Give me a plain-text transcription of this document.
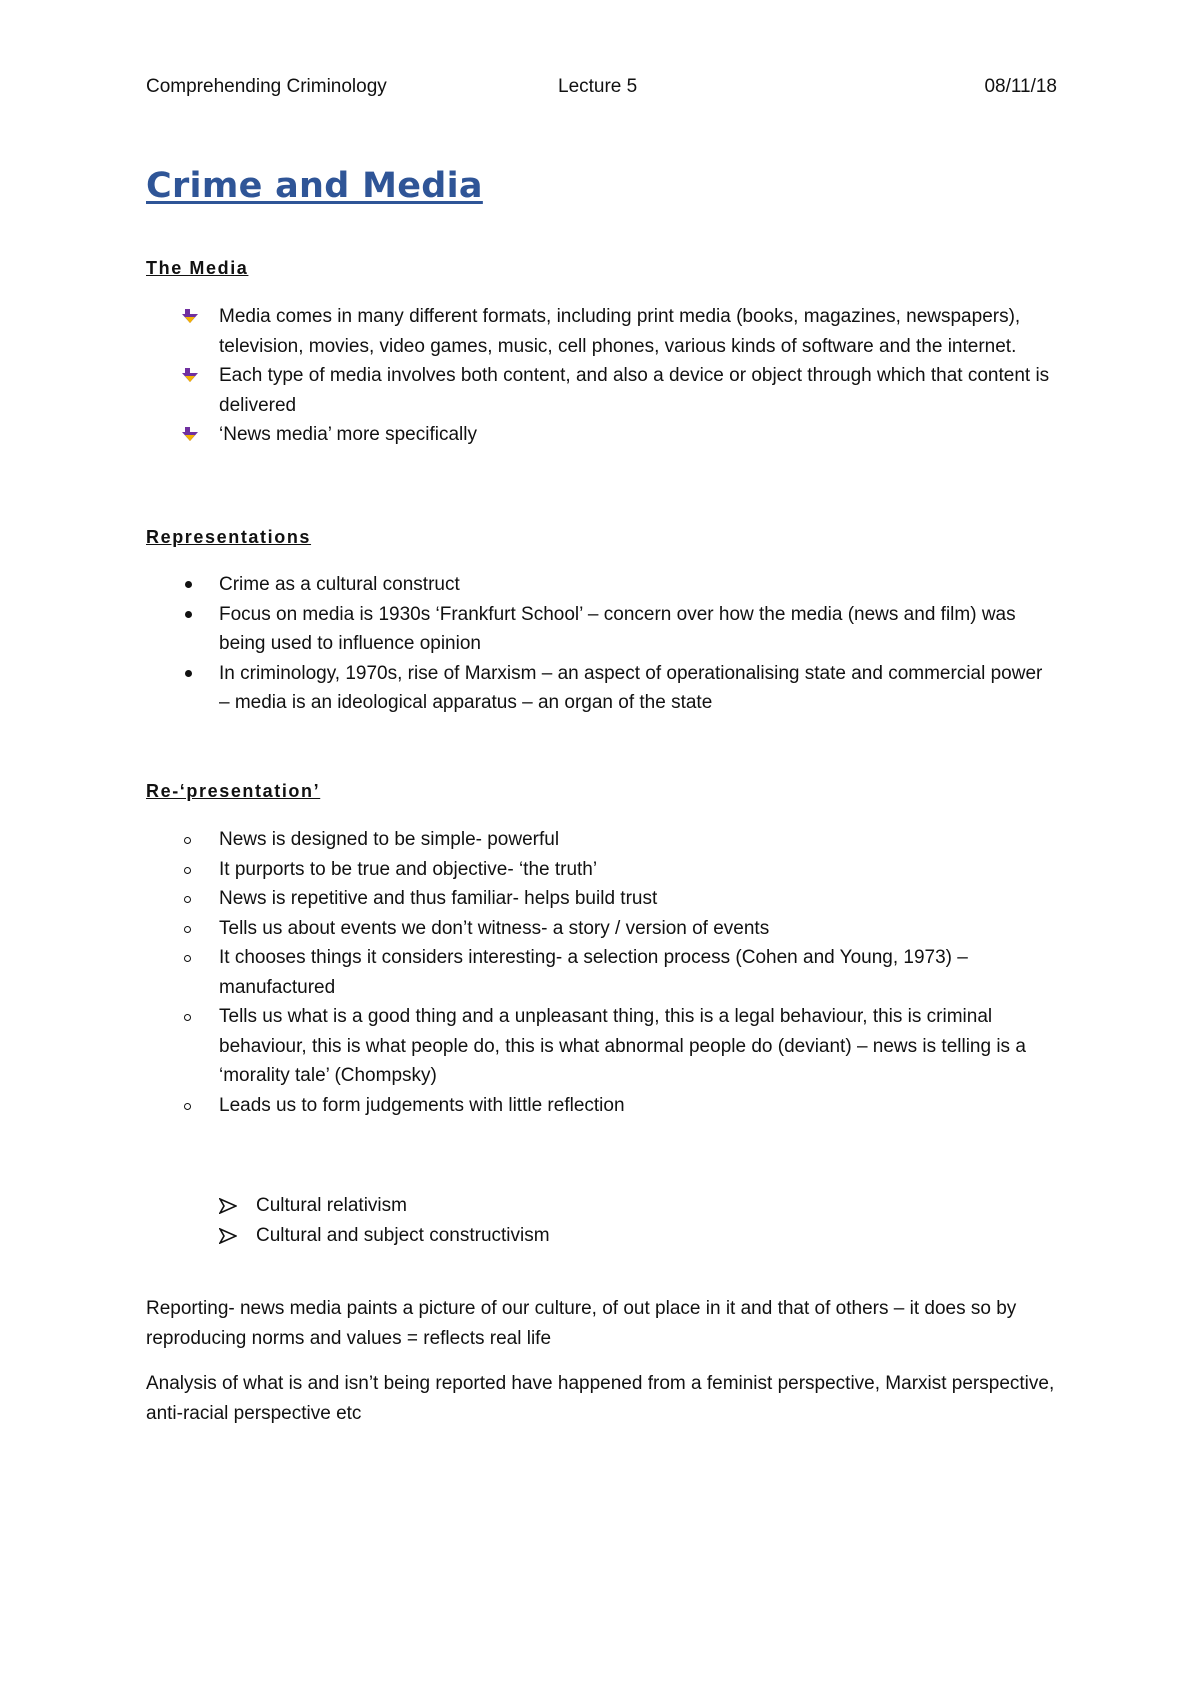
Comprehending Criminology	Lecture 5	08/11/18
Crime and Media
The Media
Media comes in many different formats, including print media (books, magazines, newspapers), television, movies, video games, music, cell phones, various kinds of software and the internet.
Each type of media involves both content, and also a device or object through which that content is delivered
‘News media’ more specifically
Representations
Crime as a cultural construct
Focus on media is 1930s ‘Frankfurt School’ – concern over how the media (news and film) was being used to influence opinion
In criminology, 1970s, rise of Marxism – an aspect of operationalising state and commercial power – media is an ideological apparatus – an organ of the state
Re-‘presentation’
News is designed to be simple- powerful
It purports to be true and objective- ‘the truth’
News is repetitive and thus familiar- helps build trust
Tells us about events we don’t witness- a story / version of events
It chooses things it considers interesting- a selection process (Cohen and Young, 1973) – manufactured
Tells us what is a good thing and a unpleasant thing, this is a legal behaviour, this is criminal behaviour, this is what people do, this is what abnormal people do (deviant) – news is telling is a ‘morality tale’ (Chompsky)
Leads us to form judgements with little reflection
Cultural relativism
Cultural and subject constructivism

Reporting- news media paints a picture of our culture, of out place in it and that of others – it does so by reproducing norms and values = reflects real life

Analysis of what is and isn’t being reported have happened from a feminist perspective, Marxist perspective, anti-racial perspective etc
